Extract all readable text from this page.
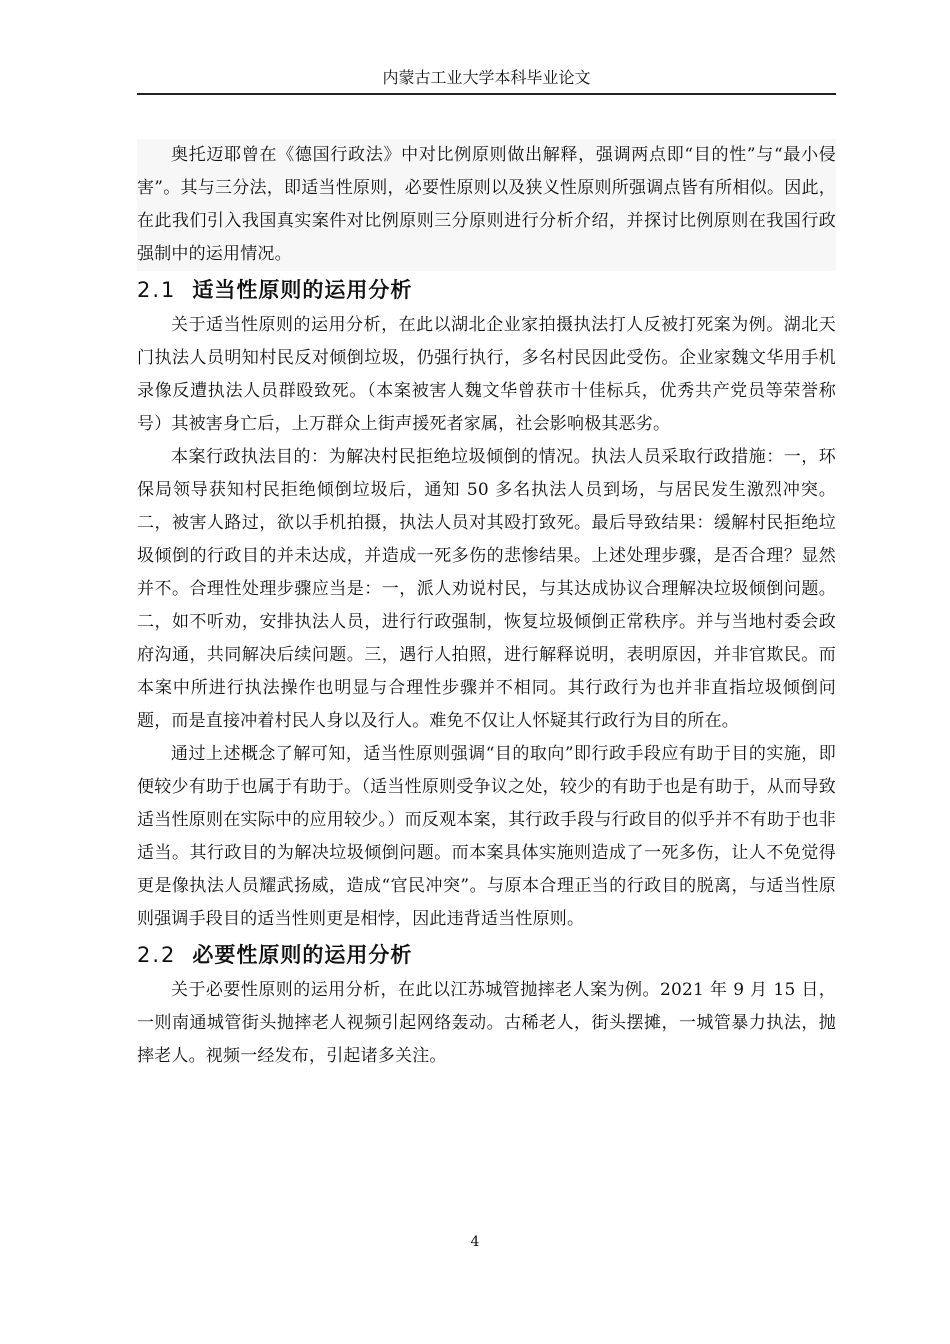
内蒙古工业大学本科毕业论文

奥托迈耶曾在《德国行政法》中对比例原则做出解释，强调两点即“目的性”与“最小侵害”。其与三分法，即适当性原则，必要性原则以及狭义性原则所强调点皆有所相似。因此，在此我们引入我国真实案件对比例原则三分原则进行分析介绍，并探讨比例原则在我国行政强制中的运用情况。

2.1 适当性原则的运用分析

关于适当性原则的运用分析，在此以湖北企业家拍摄执法打人反被打死案为例。湖北天门执法人员明知村民反对倾倒垃圾，仍强行执行，多名村民因此受伤。企业家魏文华用手机录像反遭执法人员群殴致死。（本案被害人魏文华曾获市十佳标兵，优秀共产党员等荣誉称号）其被害身亡后，上万群众上街声援死者家属，社会影响极其恶劣。

本案行政执法目的：为解决村民拒绝垃圾倾倒的情况。执法人员采取行政措施：一，环保局领导获知村民拒绝倾倒垃圾后，通知 50 多名执法人员到场，与居民发生激烈冲突。二，被害人路过，欲以手机拍摄，执法人员对其殴打致死。最后导致结果：缓解村民拒绝垃圾倾倒的行政目的并未达成，并造成一死多伤的悲惨结果。上述处理步骤，是否合理？显然并不。合理性处理步骤应当是：一，派人劝说村民，与其达成协议合理解决垃圾倾倒问题。二，如不听劝，安排执法人员，进行行政强制，恢复垃圾倾倒正常秩序。并与当地村委会政府沟通，共同解决后续问题。三，遇行人拍照，进行解释说明，表明原因，并非官欺民。而本案中所进行执法操作也明显与合理性步骤并不相同。其行政行为也并非直指垃圾倾倒问题，而是直接冲着村民人身以及行人。难免不仅让人怀疑其行政行为目的所在。

通过上述概念了解可知，适当性原则强调“目的取向”即行政手段应有助于目的实施，即便较少有助于也属于有助于。（适当性原则受争议之处，较少的有助于也是有助于，从而导致适当性原则在实际中的应用较少。）而反观本案，其行政手段与行政目的似乎并不有助于也非适当。其行政目的为解决垃圾倾倒问题。而本案具体实施则造成了一死多伤，让人不免觉得更是像执法人员耀武扬威，造成“官民冲突”。与原本合理正当的行政目的脱离，与适当性原则强调手段目的适当性则更是相悖，因此违背适当性原则。

2.2 必要性原则的运用分析

关于必要性原则的运用分析，在此以江苏城管抛摔老人案为例。2021 年 9 月 15 日，一则南通城管街头抛摔老人视频引起网络轰动。古稀老人，街头摆摊，一城管暴力执法，抛摔老人。视频一经发布，引起诸多关注。

4
